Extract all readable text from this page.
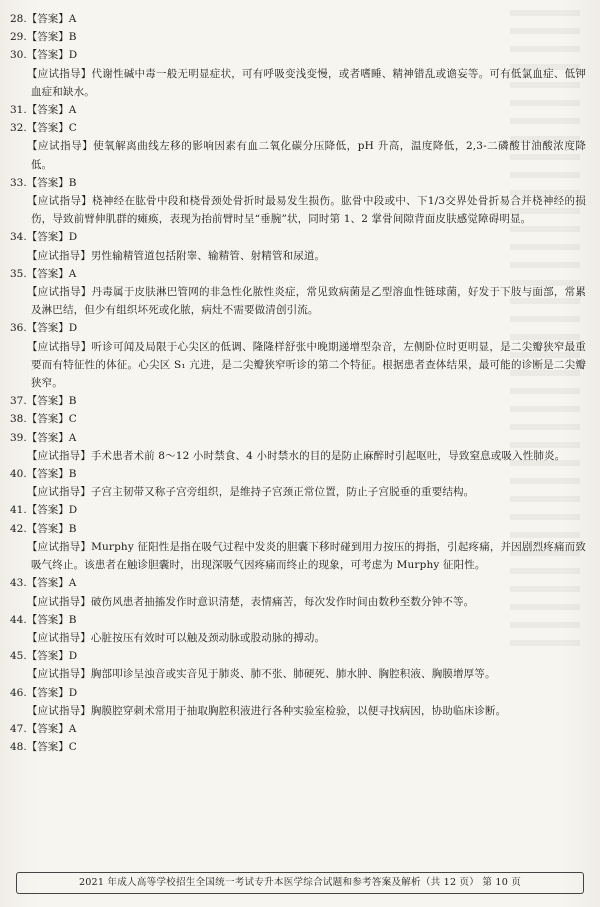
28.【答案】A
29.【答案】B
30.【答案】D
【应试指导】代谢性碱中毒一般无明显症状，可有呼吸变浅变慢，或者嗜睡、精神错乱或谵妄等。可有低氯血症、低钾血症和缺水。
31.【答案】A
32.【答案】C
【应试指导】使氧解离曲线左移的影响因素有血二氧化碳分压降低，pH 升高，温度降低，2,3-二磷酸甘油酸浓度降低。
33.【答案】B
【应试指导】桡神经在肱骨中段和桡骨颈处骨折时最易发生损伤。肱骨中段或中、下1/3交界处骨折易合并桡神经的损伤，导致前臂伸肌群的瘫痪，表现为抬前臂时呈“垂腕”状，同时第 1、2 掌骨间隙背面皮肤感觉障碍明显。
34.【答案】D
【应试指导】男性输精管道包括附睾、输精管、射精管和尿道。
35.【答案】A
【应试指导】丹毒属于皮肤淋巴管网的非急性化脓性炎症，常见致病菌是乙型溶血性链球菌，好发于下肢与面部，常累及淋巴结，但少有组织坏死或化脓，病灶不需要做清创引流。
36.【答案】D
【应试指导】听诊可闻及局限于心尖区的低调、隆隆样舒张中晚期递增型杂音，左侧卧位时更明显，是二尖瓣狭窄最重要而有特征性的体征。心尖区 S₁ 亢进，是二尖瓣狭窄听诊的第二个特征。根据患者查体结果，最可能的诊断是二尖瓣狭窄。
37.【答案】B
38.【答案】C
39.【答案】A
【应试指导】手术患者术前 8～12 小时禁食、4 小时禁水的目的是防止麻醉时引起呕吐，导致窒息或吸入性肺炎。
40.【答案】B
【应试指导】子宫主韧带又称子宫旁组织，是维持子宫颈正常位置，防止子宫脱垂的重要结构。
41.【答案】D
42.【答案】B
【应试指导】Murphy 征阳性是指在吸气过程中发炎的胆囊下移时碰到用力按压的拇指，引起疼痛，并因剧烈疼痛而致吸气终止。该患者在触诊胆囊时，出现深吸气因疼痛而终止的现象，可考虑为 Murphy 征阳性。
43.【答案】A
【应试指导】破伤风患者抽搐发作时意识清楚，表情痛苦，每次发作时间由数秒至数分钟不等。
44.【答案】B
【应试指导】心脏按压有效时可以触及颈动脉或股动脉的搏动。
45.【答案】D
【应试指导】胸部叩诊呈浊音或实音见于肺炎、肺不张、肺硬死、肺水肿、胸腔积液、胸膜增厚等。
46.【答案】D
【应试指导】胸膜腔穿刺术常用于抽取胸腔积液进行各种实验室检验，以便寻找病因，协助临床诊断。
47.【答案】A
48.【答案】C
2021 年成人高等学校招生全国统一考试专升本医学综合试题和参考答案及解析（共 12 页） 第 10 页
